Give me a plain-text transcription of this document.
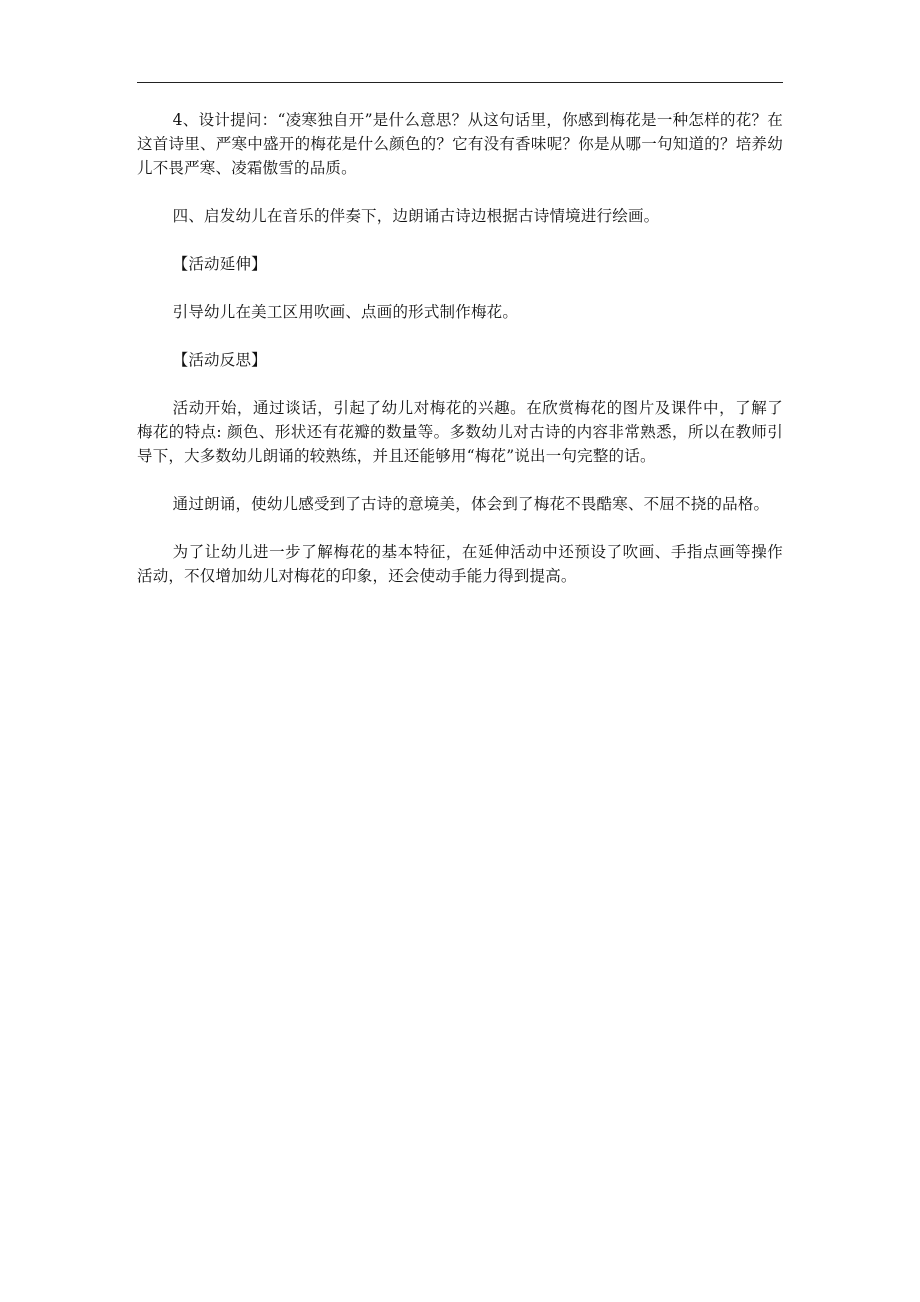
4、设计提问：“凌寒独自开”是什么意思？从这句话里，你感到梅花是一种怎样的花？在这首诗里、严寒中盛开的梅花是什么颜色的？它有没有香味呢？你是从哪一句知道的？培养幼儿不畏严寒、凌霜傲雪的品质。

四、启发幼儿在音乐的伴奏下，边朗诵古诗边根据古诗情境进行绘画。

【活动延伸】

引导幼儿在美工区用吹画、点画的形式制作梅花。

【活动反思】

活动开始，通过谈话，引起了幼儿对梅花的兴趣。在欣赏梅花的图片及课件中，了解了梅花的特点: 颜色、形状还有花瓣的数量等。多数幼儿对古诗的内容非常熟悉，所以在教师引导下，大多数幼儿朗诵的较熟练，并且还能够用“梅花”说出一句完整的话。

通过朗诵，使幼儿感受到了古诗的意境美，体会到了梅花不畏酷寒、不屈不挠的品格。

为了让幼儿进一步了解梅花的基本特征，在延伸活动中还预设了吹画、手指点画等操作活动，不仅增加幼儿对梅花的印象，还会使动手能力得到提高。
